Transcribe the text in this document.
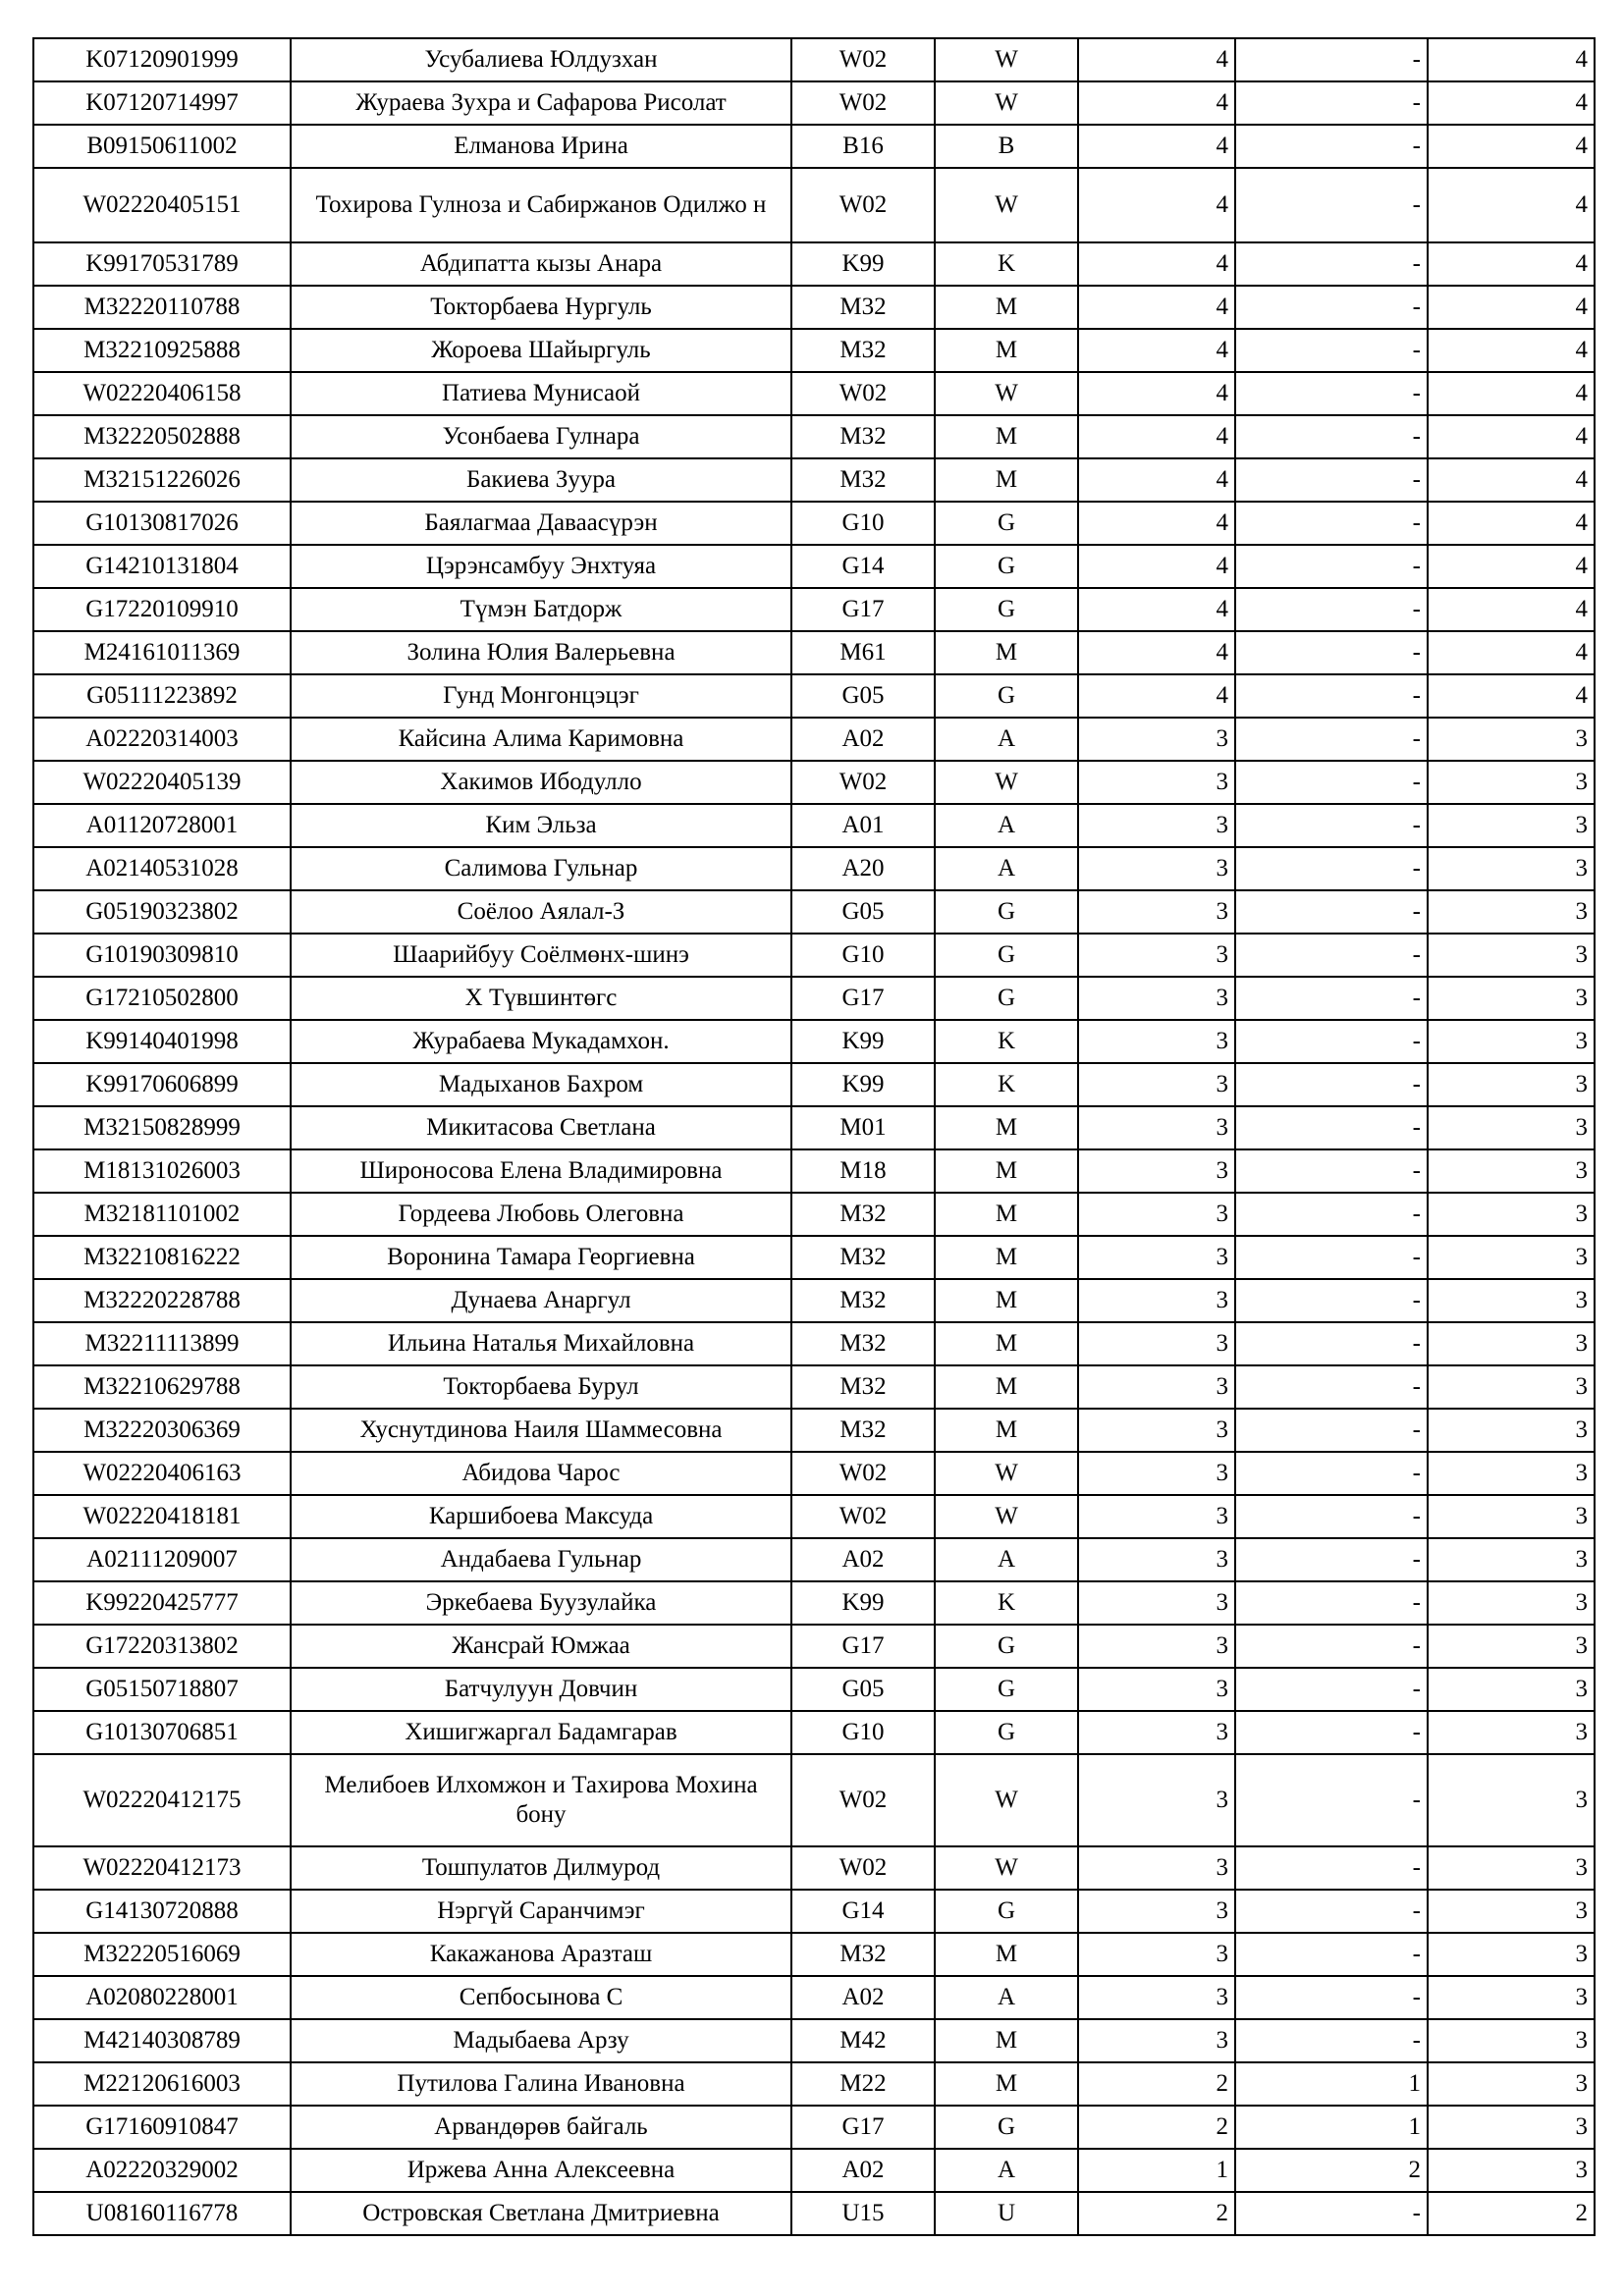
K07120901999	Усубалиева Юлдузхан	W02	W	4	-	4
K07120714997	Жураева Зухра и Сафарова Рисолат	W02	W	4	-	4
B09150611002	Елманова Ирина	B16	B	4	-	4
W02220405151	Тохирова Гулноза и Сабиржанов Одилжо н	W02	W	4	-	4
K99170531789	Абдипатта кызы Анара	K99	K	4	-	4
M32220110788	Токторбаева Нургуль	M32	M	4	-	4
M32210925888	Жороева Шайыргуль	M32	M	4	-	4
W02220406158	Патиева Мунисаой	W02	W	4	-	4
M32220502888	Усонбаева Гулнара	M32	M	4	-	4
M32151226026	Бакиева Зуура	M32	M	4	-	4
G10130817026	Баялагмаа Даваасүрэн	G10	G	4	-	4
G14210131804	Цэрэнсамбуу Энхтуяа	G14	G	4	-	4
G17220109910	Түмэн Батдорж	G17	G	4	-	4
M24161011369	Золина Юлия Валерьевна	M61	M	4	-	4
G05111223892	Гунд Монгонцэцэг	G05	G	4	-	4
A02220314003	Кайсина Алима Каримовна	A02	A	3	-	3
W02220405139	Хакимов Ибодулло	W02	W	3	-	3
A01120728001	Ким Эльза	A01	A	3	-	3
A02140531028	Салимова Гульнар	A20	A	3	-	3
G05190323802	Соёлоо Аялал-З	G05	G	3	-	3
G10190309810	Шаарийбуу Соёлмөнх-шинэ	G10	G	3	-	3
G17210502800	Х Түвшинтөгс	G17	G	3	-	3
K99140401998	Журабаева Мукадамхон.	K99	K	3	-	3
K99170606899	Мадыханов Бахром	K99	K	3	-	3
M32150828999	Микитасова Светлана	M01	M	3	-	3
M18131026003	Широносова Елена Владимировна	M18	M	3	-	3
M32181101002	Гордеева Любовь Олеговна	M32	M	3	-	3
M32210816222	Воронина Тамара Георгиевна	M32	M	3	-	3
M32220228788	Дунаева Анаргул	M32	M	3	-	3
M32211113899	Ильина Наталья Михайловна	M32	M	3	-	3
M32210629788	Токторбаева Бурул	M32	M	3	-	3
M32220306369	Хуснутдинова Наиля Шаммесовна	M32	M	3	-	3
W02220406163	Абидова Чарос	W02	W	3	-	3
W02220418181	Каршибоева Максуда	W02	W	3	-	3
A02111209007	Андабаева Гульнар	A02	A	3	-	3
K99220425777	Эркебаева Буузулайка	K99	K	3	-	3
G17220313802	Жансрай Юмжаа	G17	G	3	-	3
G05150718807	Батчулуун Довчин	G05	G	3	-	3
G10130706851	Хишигжаргал Бадамгарав	G10	G	3	-	3
W02220412175	Мелибоев Илхомжон и Тахирова Мохина бону	W02	W	3	-	3
W02220412173	Тошпулатов Дилмурод	W02	W	3	-	3
G14130720888	Нэргүй Саранчимэг	G14	G	3	-	3
M32220516069	Какажанова Аразташ	M32	M	3	-	3
A02080228001	Сепбосынова С	A02	A	3	-	3
M42140308789	Мадыбаева Арзу	M42	M	3	-	3
M22120616003	Путилова Галина Ивановна	M22	M	2	1	3
G17160910847	Арвандөрөв байгаль	G17	G	2	1	3
A02220329002	Иржева Анна Алексеевна	A02	A	1	2	3
U08160116778	Островская Светлана Дмитриевна	U15	U	2	-	2
